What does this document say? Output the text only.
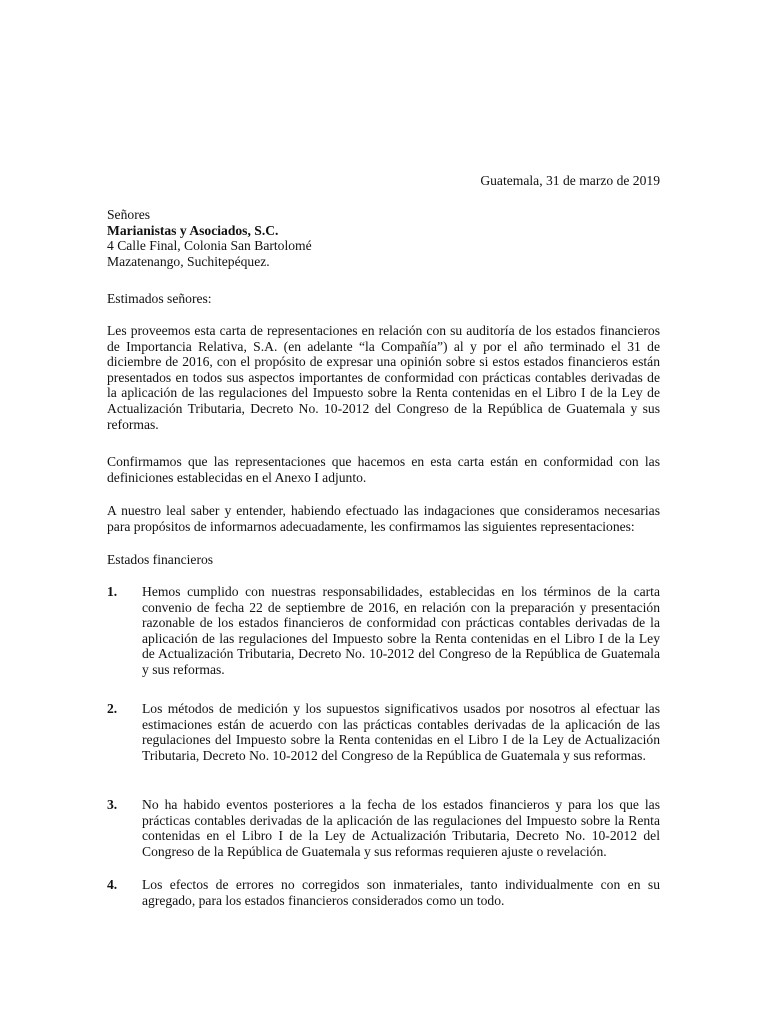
Guatemala, 31 de marzo de 2019
Señores
Marianistas y Asociados, S.C.
4 Calle Final, Colonia San Bartolomé
Mazatenango, Suchitepéquez.
Estimados señores:

Les proveemos esta carta de representaciones en relación con su auditoría de los estados financieros de Importancia Relativa, S.A. (en adelante “la Compañía”) al y por el año terminado el 31 de diciembre de 2016, con el propósito de expresar una opinión sobre si estos estados financieros están presentados en todos sus aspectos importantes de conformidad con prácticas contables derivadas de la aplicación de las regulaciones del Impuesto sobre la Renta contenidas en el Libro I de la Ley de Actualización Tributaria, Decreto No. 10-2012 del Congreso de la República de Guatemala y sus reformas.

Confirmamos que las representaciones que hacemos en esta carta están en conformidad con las definiciones establecidas en el Anexo I adjunto.

A nuestro leal saber y entender, habiendo efectuado las indagaciones que consideramos necesarias para propósitos de informarnos adecuadamente, les confirmamos las siguientes representaciones:

Estados financieros
1. Hemos cumplido con nuestras responsabilidades, establecidas en los términos de la carta convenio de fecha 22 de septiembre de 2016, en relación con la preparación y presentación razonable de los estados financieros de conformidad con prácticas contables derivadas de la aplicación de las regulaciones del Impuesto sobre la Renta contenidas en el Libro I de la Ley de Actualización Tributaria, Decreto No. 10-2012 del Congreso de la República de Guatemala y sus reformas.
2. Los métodos de medición y los supuestos significativos usados por nosotros al efectuar las estimaciones están de acuerdo con las prácticas contables derivadas de la aplicación de las regulaciones del Impuesto sobre la Renta contenidas en el Libro I de la Ley de Actualización Tributaria, Decreto No. 10-2012 del Congreso de la República de Guatemala y sus reformas.
3. No ha habido eventos posteriores a la fecha de los estados financieros y para los que las prácticas contables derivadas de la aplicación de las regulaciones del Impuesto sobre la Renta contenidas en el Libro I de la Ley de Actualización Tributaria, Decreto No. 10-2012 del Congreso de la República de Guatemala y sus reformas requieren ajuste o revelación.
4. Los efectos de errores no corregidos son inmateriales, tanto individualmente con en su agregado, para los estados financieros considerados como un todo.
